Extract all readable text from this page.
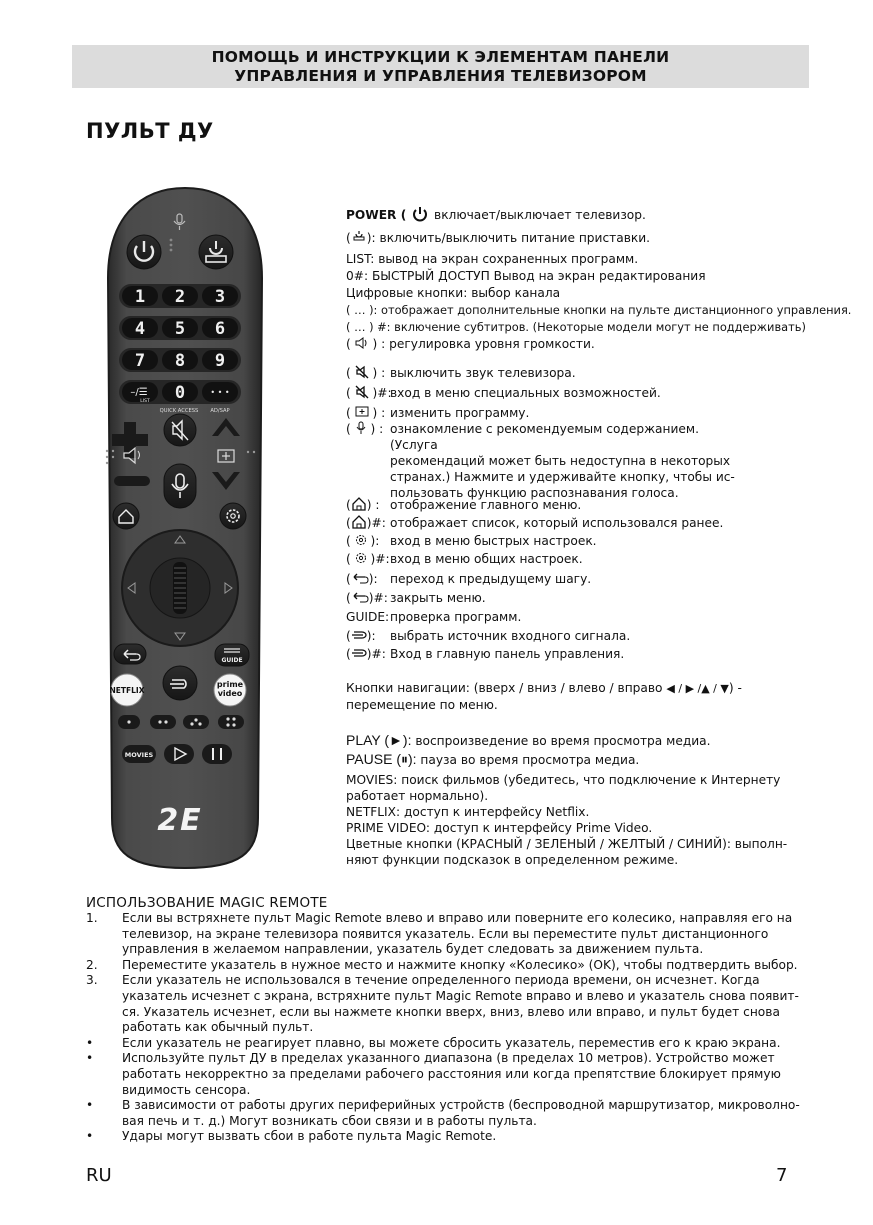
ПОМОЩЬ И ИНСТРУКЦИИ К ЭЛЕМЕНТАМ ПАНЕЛИ
УПРАВЛЕНИЯ И УПРАВЛЕНИЯ ТЕЛЕВИЗОРОМ
ПУЛЬТ ДУ
1 2 3
4 5 6
7 8 9
0
–/☰
LIST
• • •
QUICK ACCESS AD/SAP
GUIDE
NETFLIX
prime
video
MOVIES
2E
POWER ( включает/выключает телевизор.
( ): включить/выключить питание приставки.
LIST: вывод на экран сохраненных программ.
0#: БЫСТРЫЙ ДОСТУП Вывод на экран редактирования
Цифровые кнопки: выбор канала
( … ): отображает дополнительные кнопки на пульте дистанционного управления.
( … ) #: включение субтитров. (Некоторые модели могут не поддерживать)
(  ) : регулировка уровня громкости.
(  ) : выключить звук телевизора.
(  )#:вход в меню специальных возможностей.
(  ) : изменить программу.
(  ) : ознакомление с рекомендуемым содержанием. (Услуга
рекомендаций может быть недоступна в некоторых
странах.) Нажмите и удерживайте кнопку, чтобы ис-
пользовать функцию распознавания голоса.
( ) : отображение главного меню.
( )#: отображает список, который использовался ранее.
(  ): вход в меню быстрых настроек.
(  )#:вход в меню общих настроек.
( ): переход к предыдущему шагу.
( )#: закрыть меню.
GUIDE:проверка программ.
( ): выбрать источник входного сигнала.
( )#: Вход в главную панель управления.
Кнопки навигации: (вверх / вниз / влево / вправо ◀ / ▶ /▲ / ▼) -
перемещение по меню.
PLAY (►): воспроизведение во время просмотра медиа.
PAUSE (⏸): пауза во время просмотра медиа.
MOVIES: поиск фильмов (убедитесь, что подключение к Интернету
работает нормально).
NETFLIX: доступ к интерфейсу Netflix.
PRIME VIDEO: доступ к интерфейсу Prime Video.
Цветные кнопки (КРАСНЫЙ / ЗЕЛЕНЫЙ / ЖЕЛТЫЙ / СИНИЙ): выполн-
няют функции подсказок в определенном режиме.
ИСПОЛЬЗОВАНИЕ MAGIC REMOTE
1. Если вы встряхнете пульт Magic Remote влево и вправо или поверните его колесико, направляя его на телевизор, на экране телевизора появится указатель. Если вы переместите пульт дистанционного управления в желаемом направлении, указатель будет следовать за движением пульта.
2. Переместите указатель в нужное место и нажмите кнопку «Колесико» (OK), чтобы подтвердить выбор.
3. Если указатель не использовался в течение определенного периода времени, он исчезнет. Когда указатель исчезнет с экрана, встряхните пульт Magic Remote вправо и влево и указатель снова появит-ся. Указатель исчезнет, если вы нажмете кнопки вверх, вниз, влево или вправо, и пульт будет снова работать как обычный пульт.
• Если указатель не реагирует плавно, вы можете сбросить указатель, переместив его к краю экрана.
• Используйте пульт ДУ в пределах указанного диапазона (в пределах 10 метров). Устройство может работать некорректно за пределами рабочего расстояния или когда препятствие блокирует прямую видимость сенсора.
• В зависимости от работы других периферийных устройств (беспроводной маршрутизатор, микроволно-вая печь и т. д.) Могут возникать сбои связи и в работы пульта.
• Удары могут вызвать сбои в работе пульта Magic Remote.
RU	7
